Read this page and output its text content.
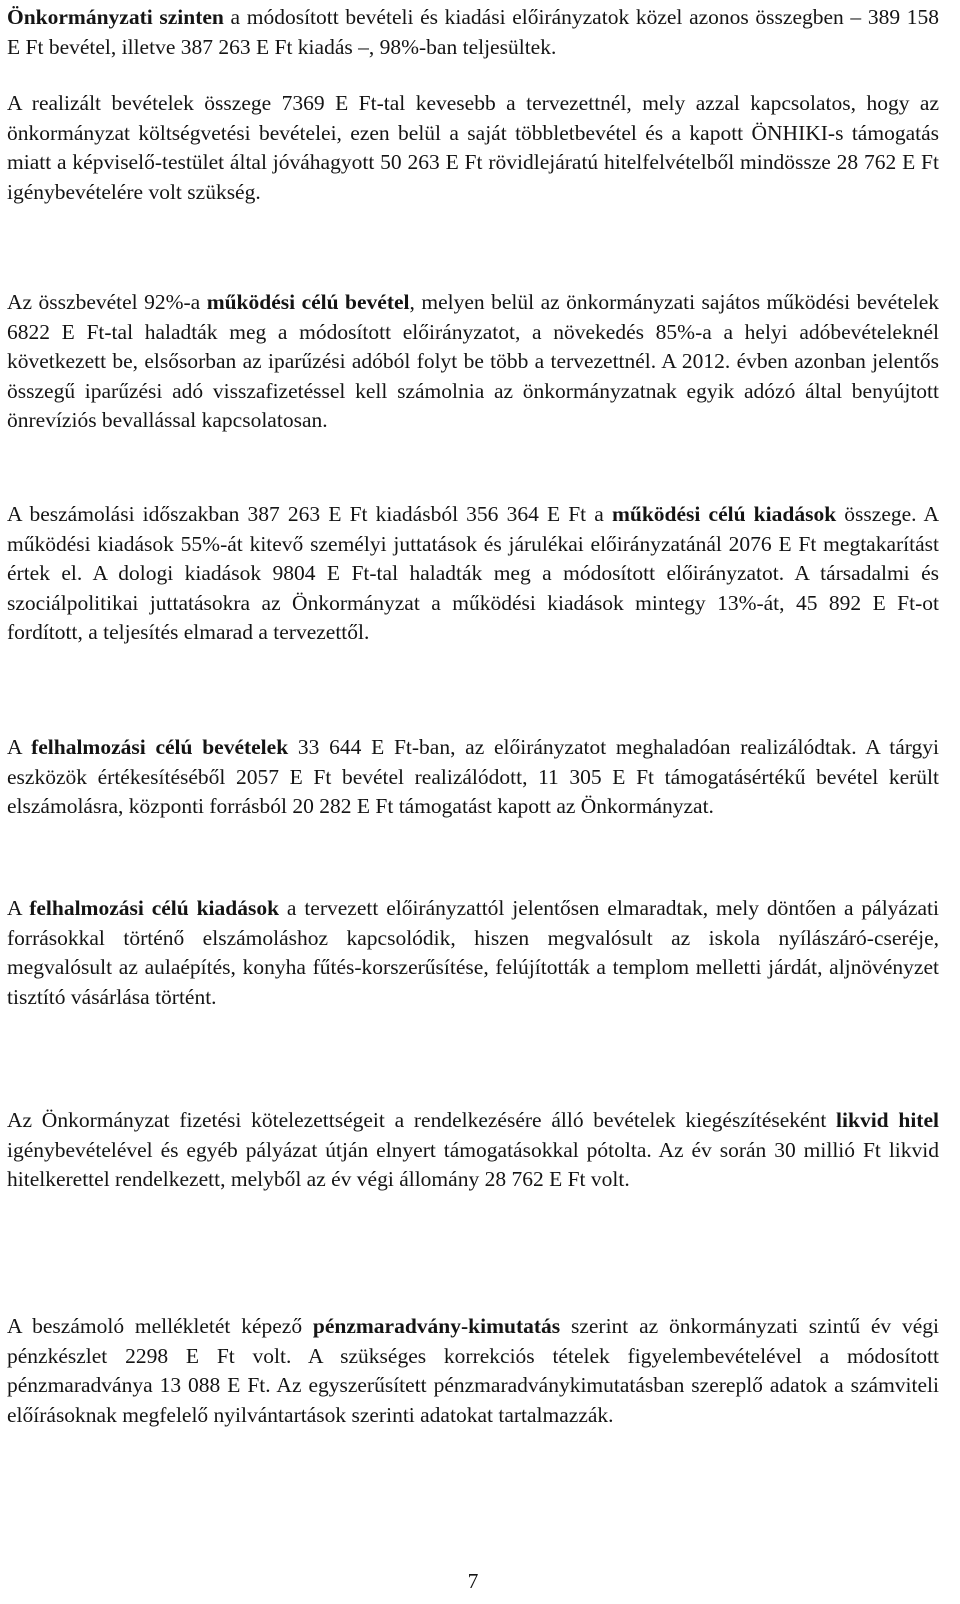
Önkormányzati szinten a módosított bevételi és kiadási előirányzatok közel azonos összegben – 389 158 E Ft bevétel, illetve 387 263 E Ft kiadás –, 98%-ban teljesültek.

A realizált bevételek összege 7369 E Ft-tal kevesebb a tervezettnél, mely azzal kapcsolatos, hogy az önkormányzat költségvetési bevételei, ezen belül a saját többletbevétel és a kapott ÖNHIKI-s támogatás miatt a képviselő-testület által jóváhagyott 50 263 E Ft rövidlejáratú hitelfelvételből mindössze 28 762 E Ft igénybevételére volt szükség.

Az összbevétel 92%-a működési célú bevétel, melyen belül az önkormányzati sajátos működési bevételek 6822 E Ft-tal haladták meg a módosított előirányzatot, a növekedés 85%-a a helyi adóbevételeknél következett be, elsősorban az iparűzési adóból folyt be több a tervezettnél. A 2012. évben azonban jelentős összegű iparűzési adó visszafizetéssel kell számolnia az önkormányzatnak egyik adózó által benyújtott önrevíziós bevallással kapcsolatosan.

A beszámolási időszakban 387 263 E Ft kiadásból 356 364 E Ft a működési célú kiadások összege. A működési kiadások 55%-át kitevő személyi juttatások és járulékai előirányzatánál 2076 E Ft megtakarítást értek el. A dologi kiadások 9804 E Ft-tal haladták meg a módosított előirányzatot. A társadalmi és szociálpolitikai juttatásokra az Önkormányzat a működési kiadások mintegy 13%-át, 45 892 E Ft-ot fordított, a teljesítés elmarad a tervezettől.

A felhalmozási célú bevételek 33 644 E Ft-ban, az előirányzatot meghaladóan realizálódtak. A tárgyi eszközök értékesítéséből 2057 E Ft bevétel realizálódott, 11 305 E Ft támogatásértékű bevétel került elszámolásra, központi forrásból 20 282 E Ft támogatást kapott az Önkormányzat.

A felhalmozási célú kiadások a tervezett előirányzattól jelentősen elmaradtak, mely döntően a pályázati forrásokkal történő elszámoláshoz kapcsolódik, hiszen megvalósult az iskola nyílászáró-cseréje, megvalósult az aulaépítés, konyha fűtés-korszerűsítése, felújították a templom melletti járdát, aljnövényzet tisztító vásárlása történt.

Az Önkormányzat fizetési kötelezettségeit a rendelkezésére álló bevételek kiegészítéseként likvid hitel igénybevételével és egyéb pályázat útján elnyert támogatásokkal pótolta. Az év során 30 millió Ft likvid hitelkerettel rendelkezett, melyből az év végi állomány 28 762 E Ft volt.

A beszámoló mellékletét képező pénzmaradvány-kimutatás szerint az önkormányzati szintű év végi pénzkészlet 2298 E Ft volt. A szükséges korrekciós tételek figyelembevételével a módosított pénzmaradványa 13 088 E Ft. Az egyszerűsített pénzmaradványkimutatásban szereplő adatok a számviteli előírásoknak megfelelő nyilvántartások szerinti adatokat tartalmazzák.

7
